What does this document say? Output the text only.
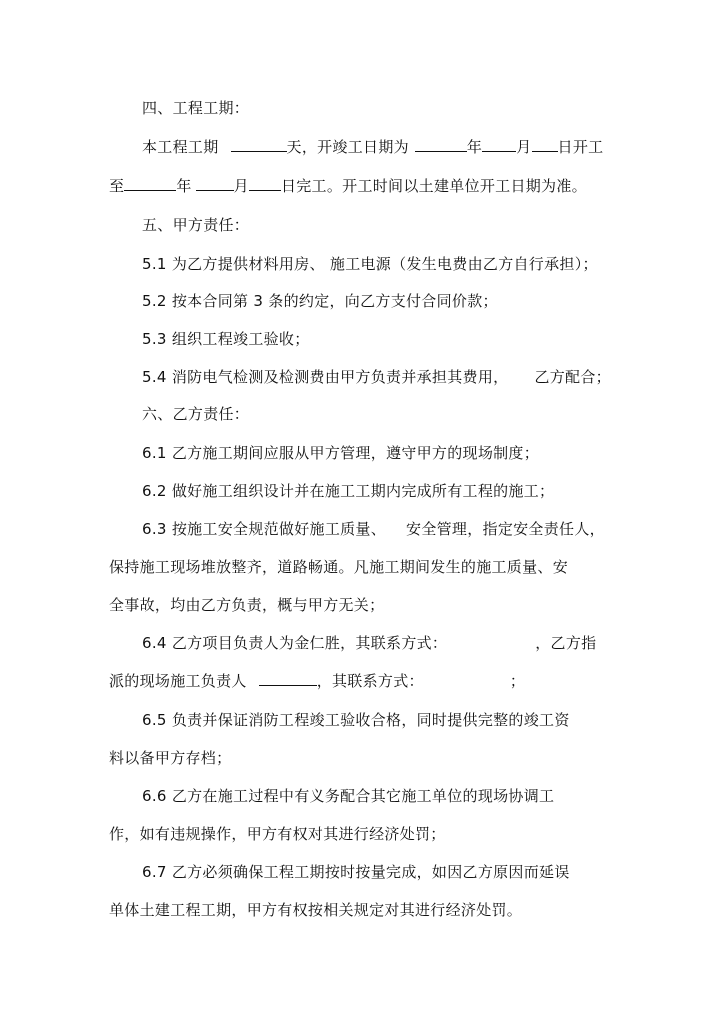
四、工程工期：
本工程工期	天，开竣工日期为	年 月 日开工
至	年	月 日完工。开工时间以土建单位开工日期为准。
五、甲方责任：
5.1 为乙方提供材料用房、 施工电源（发生电费由乙方自行承担）；
5.2 按本合同第 3 条的约定，向乙方支付合同价款；
5.3 组织工程竣工验收；
5.4 消防电气检测及检测费由甲方负责并承担其费用， 乙方配合；
六、乙方责任：
6.1 乙方施工期间应服从甲方管理，遵守甲方的现场制度；
6.2 做好施工组织设计并在施工工期内完成所有工程的施工；
6.3 按施工安全规范做好施工质量、 安全管理，指定安全责任人，
保持施工现场堆放整齐，道路畅通。凡施工期间发生的施工质量、安
全事故，均由乙方负责，概与甲方无关；
6.4 乙方项目负责人为金仁胜，其联系方式：	，乙方指
派的现场施工负责人	，其联系方式：	；
6.5 负责并保证消防工程竣工验收合格，同时提供完整的竣工资
料以备甲方存档；
6.6 乙方在施工过程中有义务配合其它施工单位的现场协调工
作，如有违规操作，甲方有权对其进行经济处罚；
6.7 乙方必须确保工程工期按时按量完成，如因乙方原因而延误
单体土建工程工期，甲方有权按相关规定对其进行经济处罚。
